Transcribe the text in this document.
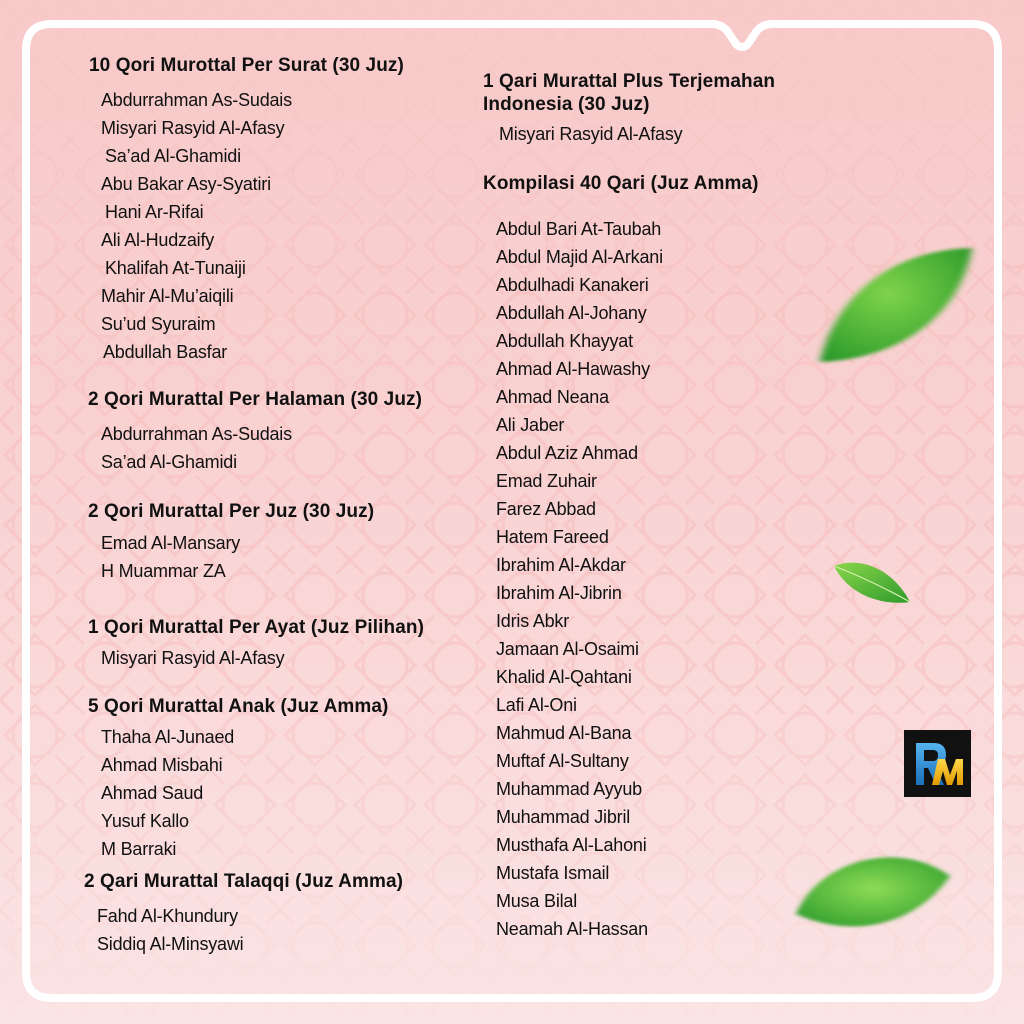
10 Qori Murottal Per Surat (30 Juz)
Abdurrahman As-Sudais
Misyari Rasyid Al-Afasy
Sa’ad Al-Ghamidi
Abu Bakar Asy-Syatiri
Hani Ar-Rifai
Ali Al-Hudzaify
Khalifah At-Tunaiji
Mahir Al-Mu’aiqili
Su’ud Syuraim
Abdullah Basfar
2 Qori Murattal Per Halaman (30 Juz)
Abdurrahman As-Sudais
Sa’ad Al-Ghamidi
2 Qori Murattal Per Juz (30 Juz)
Emad Al-Mansary
H Muammar ZA
1 Qori Murattal Per Ayat (Juz Pilihan)
Misyari Rasyid Al-Afasy
5 Qori Murattal Anak (Juz Amma)
Thaha Al-Junaed
Ahmad Misbahi
Ahmad Saud
Yusuf Kallo
M Barraki
2 Qari Murattal Talaqqi (Juz Amma)
Fahd Al-Khundury
Siddiq Al-Minsyawi
1 Qari Murattal Plus Terjemahan
Indonesia (30 Juz)
Misyari Rasyid Al-Afasy
Kompilasi 40 Qari (Juz Amma)
Abdul Bari At-Taubah
Abdul Majid Al-Arkani
Abdulhadi Kanakeri
Abdullah Al-Johany
Abdullah Khayyat
Ahmad Al-Hawashy
Ahmad Neana
Ali Jaber
Abdul Aziz Ahmad
Emad Zuhair
Farez Abbad
Hatem Fareed
Ibrahim Al-Akdar
Ibrahim Al-Jibrin
Idris Abkr
Jamaan Al-Osaimi
Khalid Al-Qahtani
Lafi Al-Oni
Mahmud Al-Bana
Muftaf Al-Sultany
Muhammad Ayyub
Muhammad Jibril
Musthafa Al-Lahoni
Mustafa Ismail
Musa Bilal
Neamah Al-Hassan
